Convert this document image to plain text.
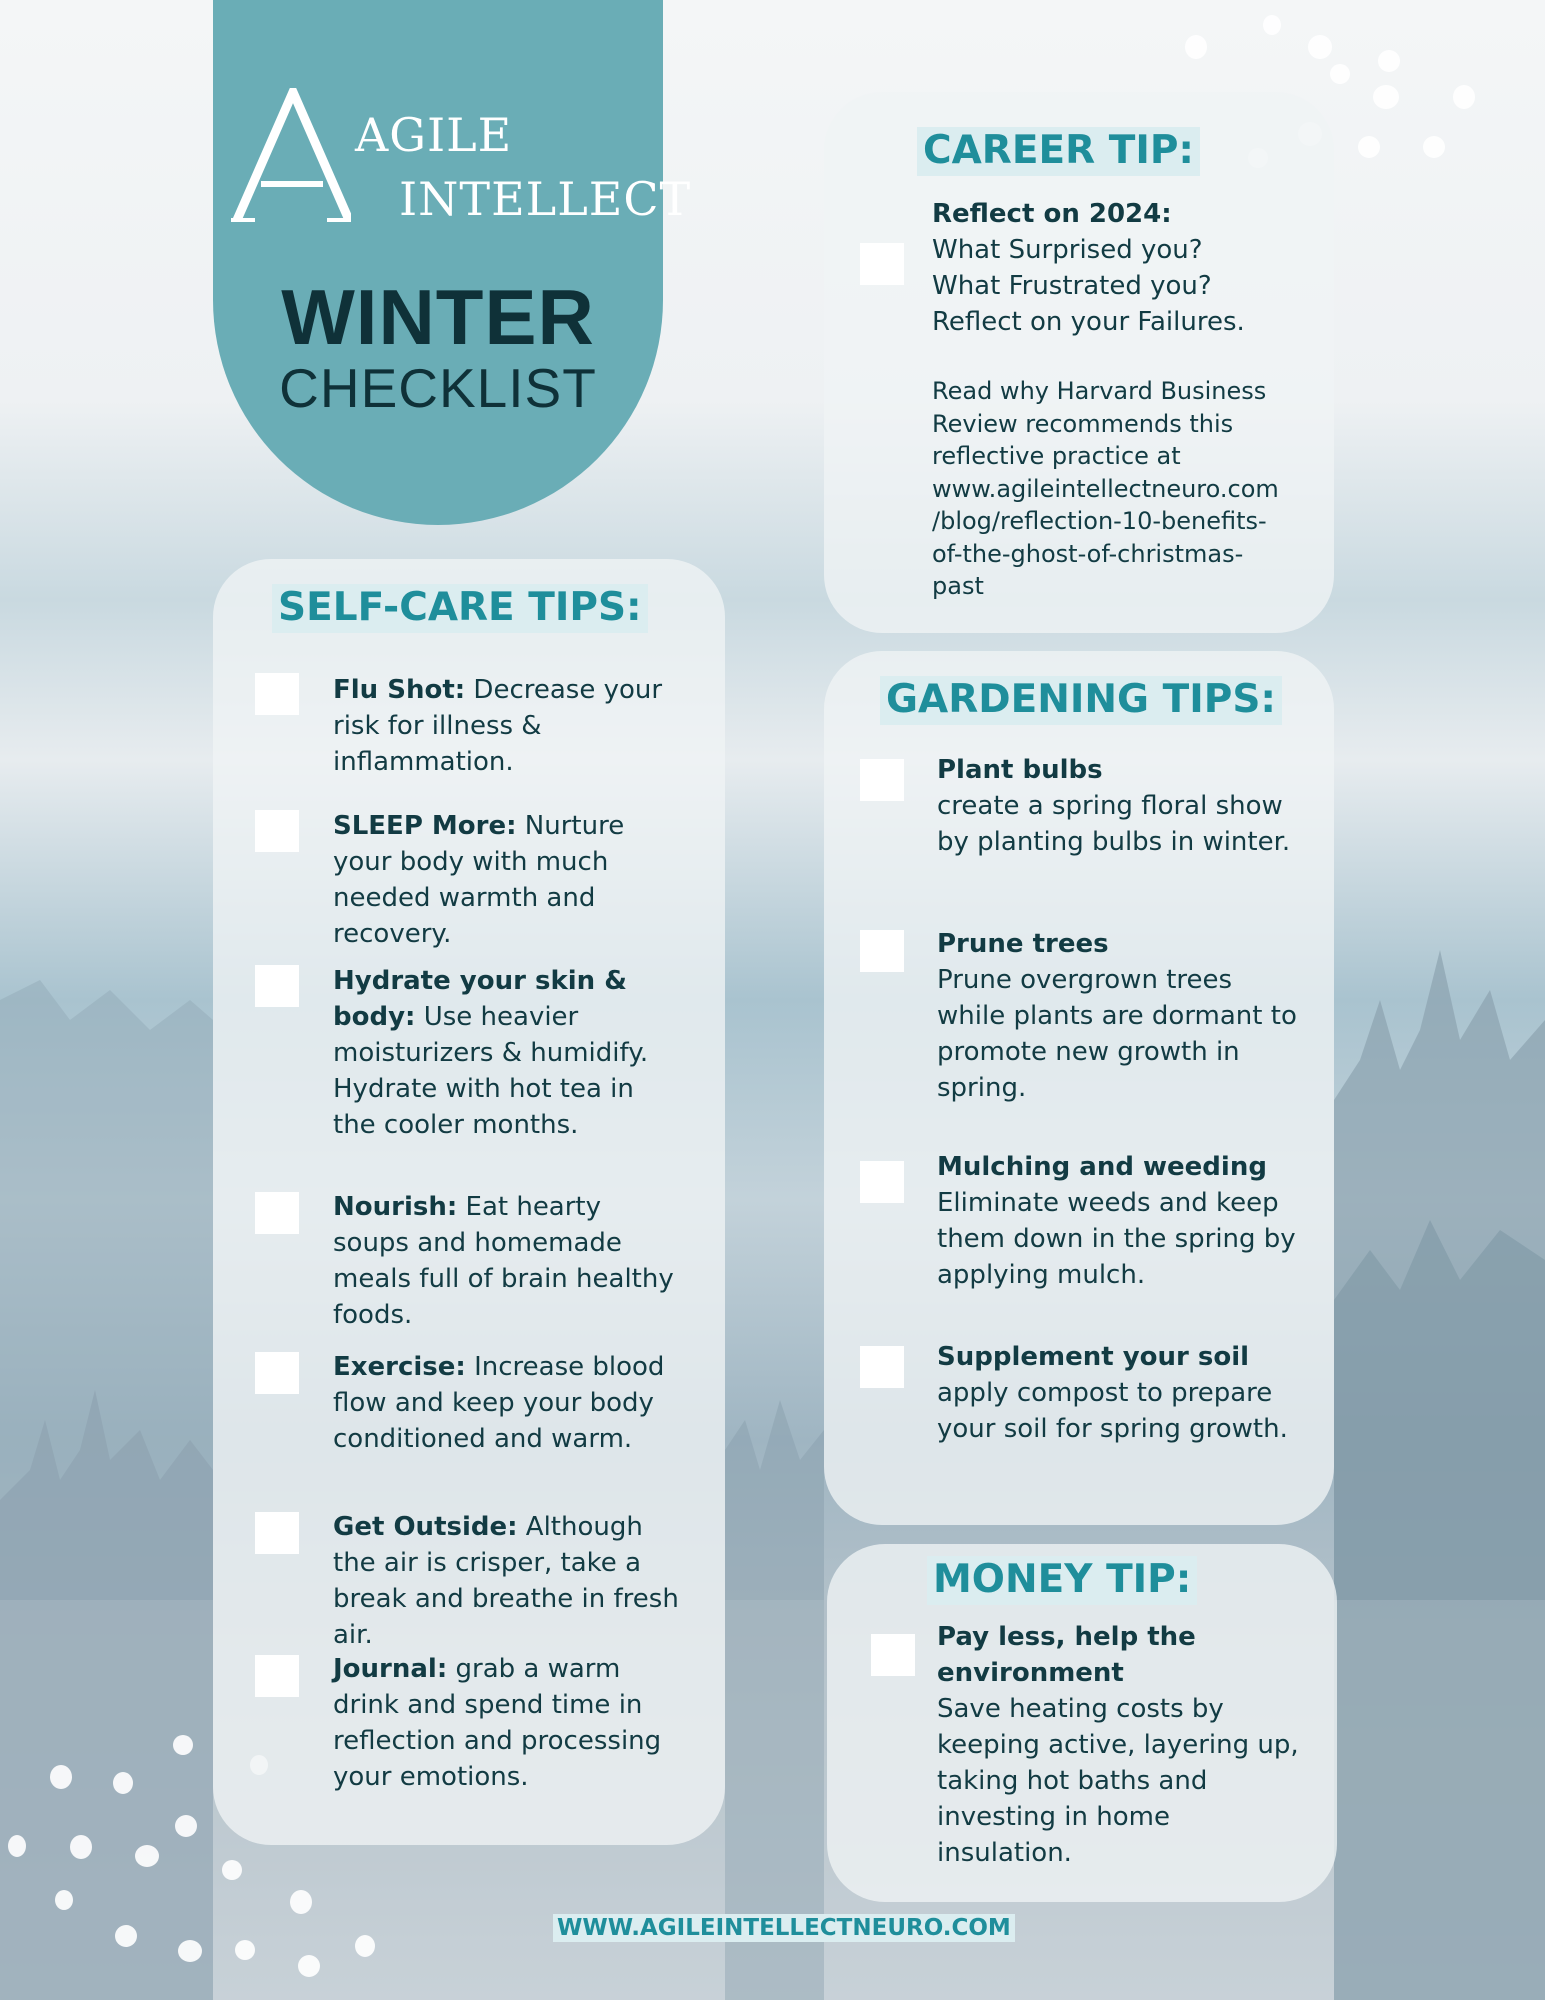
AGILE
INTELLECT
WINTER
CHECKLIST
SELF-CARE TIPS:
Flu Shot: Decrease your risk for illness & inflammation.
SLEEP More: Nurture your body with much needed warmth and recovery.
Hydrate your skin & body: Use heavier moisturizers & humidify. Hydrate with hot tea in the cooler months.
Nourish: Eat hearty soups and homemade meals full of brain healthy foods.
Exercise: Increase blood flow and keep your body conditioned and warm.
Get Outside: Although the air is crisper, take a break and breathe in fresh air.
Journal: grab a warm drink and spend time in reflection and processing your emotions.
CAREER TIP:
Reflect on 2024:
What Surprised you?
What Frustrated you?
Reflect on your Failures.
Read why Harvard Business
Review recommends this
reflective practice at
www.agileintellectneuro.com
/blog/reflection-10-benefits-
of-the-ghost-of-christmas-
past
GARDENING TIPS:
Plant bulbs
create a spring floral show by planting bulbs in winter.
Prune trees
Prune overgrown trees while plants are dormant to promote new growth in spring.
Mulching and weeding
Eliminate weeds and keep them down in the spring by applying mulch.
Supplement your soil
apply compost to prepare your soil for spring growth.
MONEY TIP:
Pay less, help the environment
Save heating costs by keeping active, layering up, taking hot baths and investing in home insulation.
WWW.AGILEINTELLECTNEURO.COM
